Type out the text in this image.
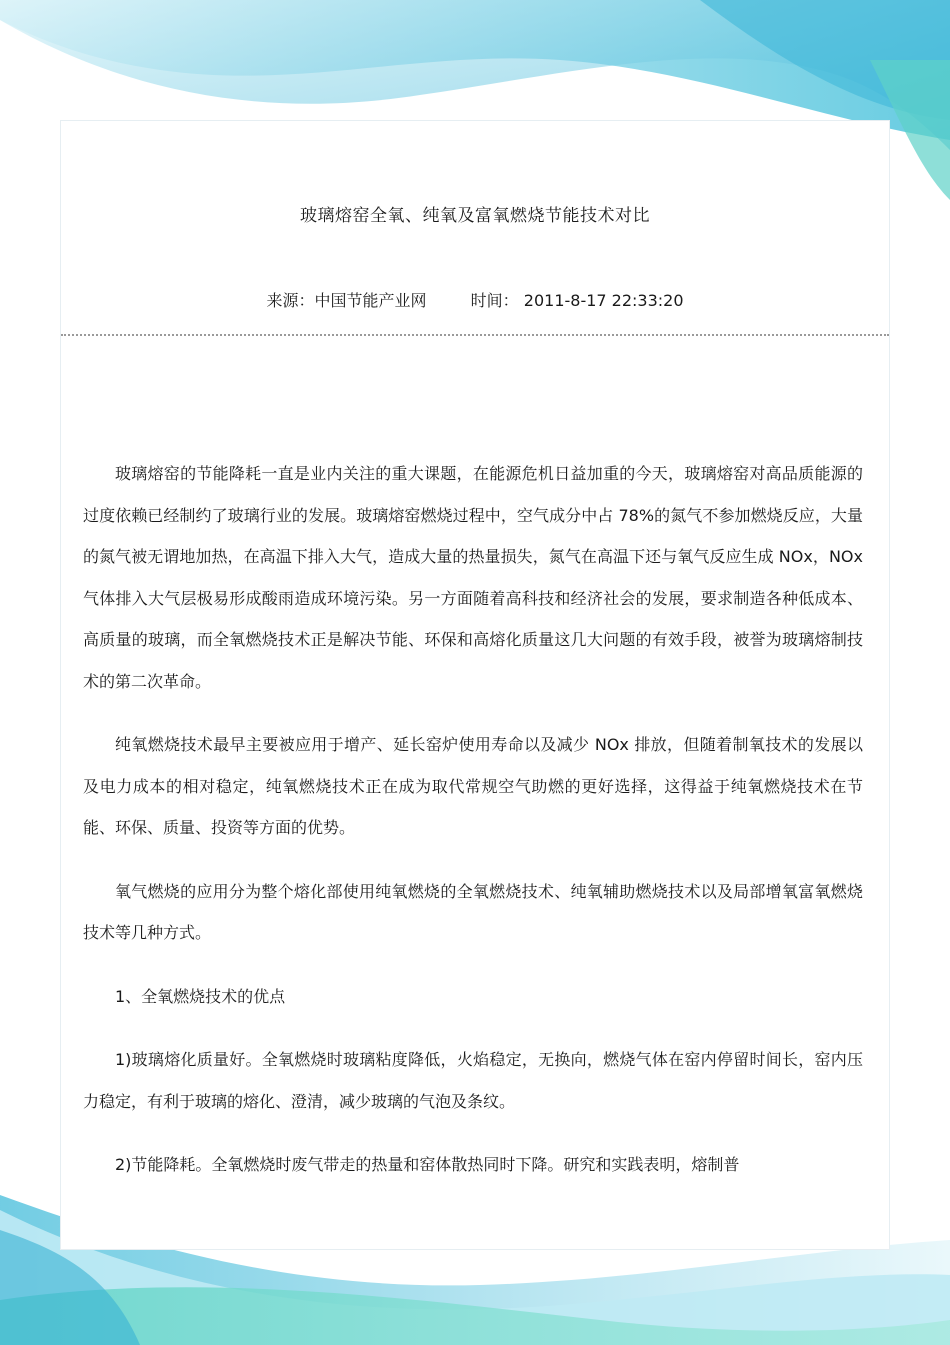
玻璃熔窑全氧、纯氧及富氧燃烧节能技术对比
来源：中国节能产业网	时间： 2011-8-17 22:33:20

玻璃熔窑的节能降耗一直是业内关注的重大课题，在能源危机日益加重的今天，玻璃熔窑对高品质能源的过度依赖已经制约了玻璃行业的发展。玻璃熔窑燃烧过程中，空气成分中占 78%的氮气不参加燃烧反应，大量的氮气被无谓地加热，在高温下排入大气，造成大量的热量损失，氮气在高温下还与氧气反应生成 NOx，NOx 气体排入大气层极易形成酸雨造成环境污染。另一方面随着高科技和经济社会的发展，要求制造各种低成本、高质量的玻璃，而全氧燃烧技术正是解决节能、环保和高熔化质量这几大问题的有效手段，被誉为玻璃熔制技术的第二次革命。

纯氧燃烧技术最早主要被应用于增产、延长窑炉使用寿命以及减少 NOx 排放，但随着制氧技术的发展以及电力成本的相对稳定，纯氧燃烧技术正在成为取代常规空气助燃的更好选择，这得益于纯氧燃烧技术在节能、环保、质量、投资等方面的优势。

氧气燃烧的应用分为整个熔化部使用纯氧燃烧的全氧燃烧技术、纯氧辅助燃烧技术以及局部增氧富氧燃烧技术等几种方式。

1、全氧燃烧技术的优点

1)玻璃熔化质量好。全氧燃烧时玻璃粘度降低，火焰稳定，无换向，燃烧气体在窑内停留时间长，窑内压力稳定，有利于玻璃的熔化、澄清，减少玻璃的气泡及条纹。

2)节能降耗。全氧燃烧时废气带走的热量和窑体散热同时下降。研究和实践表明，熔制普
